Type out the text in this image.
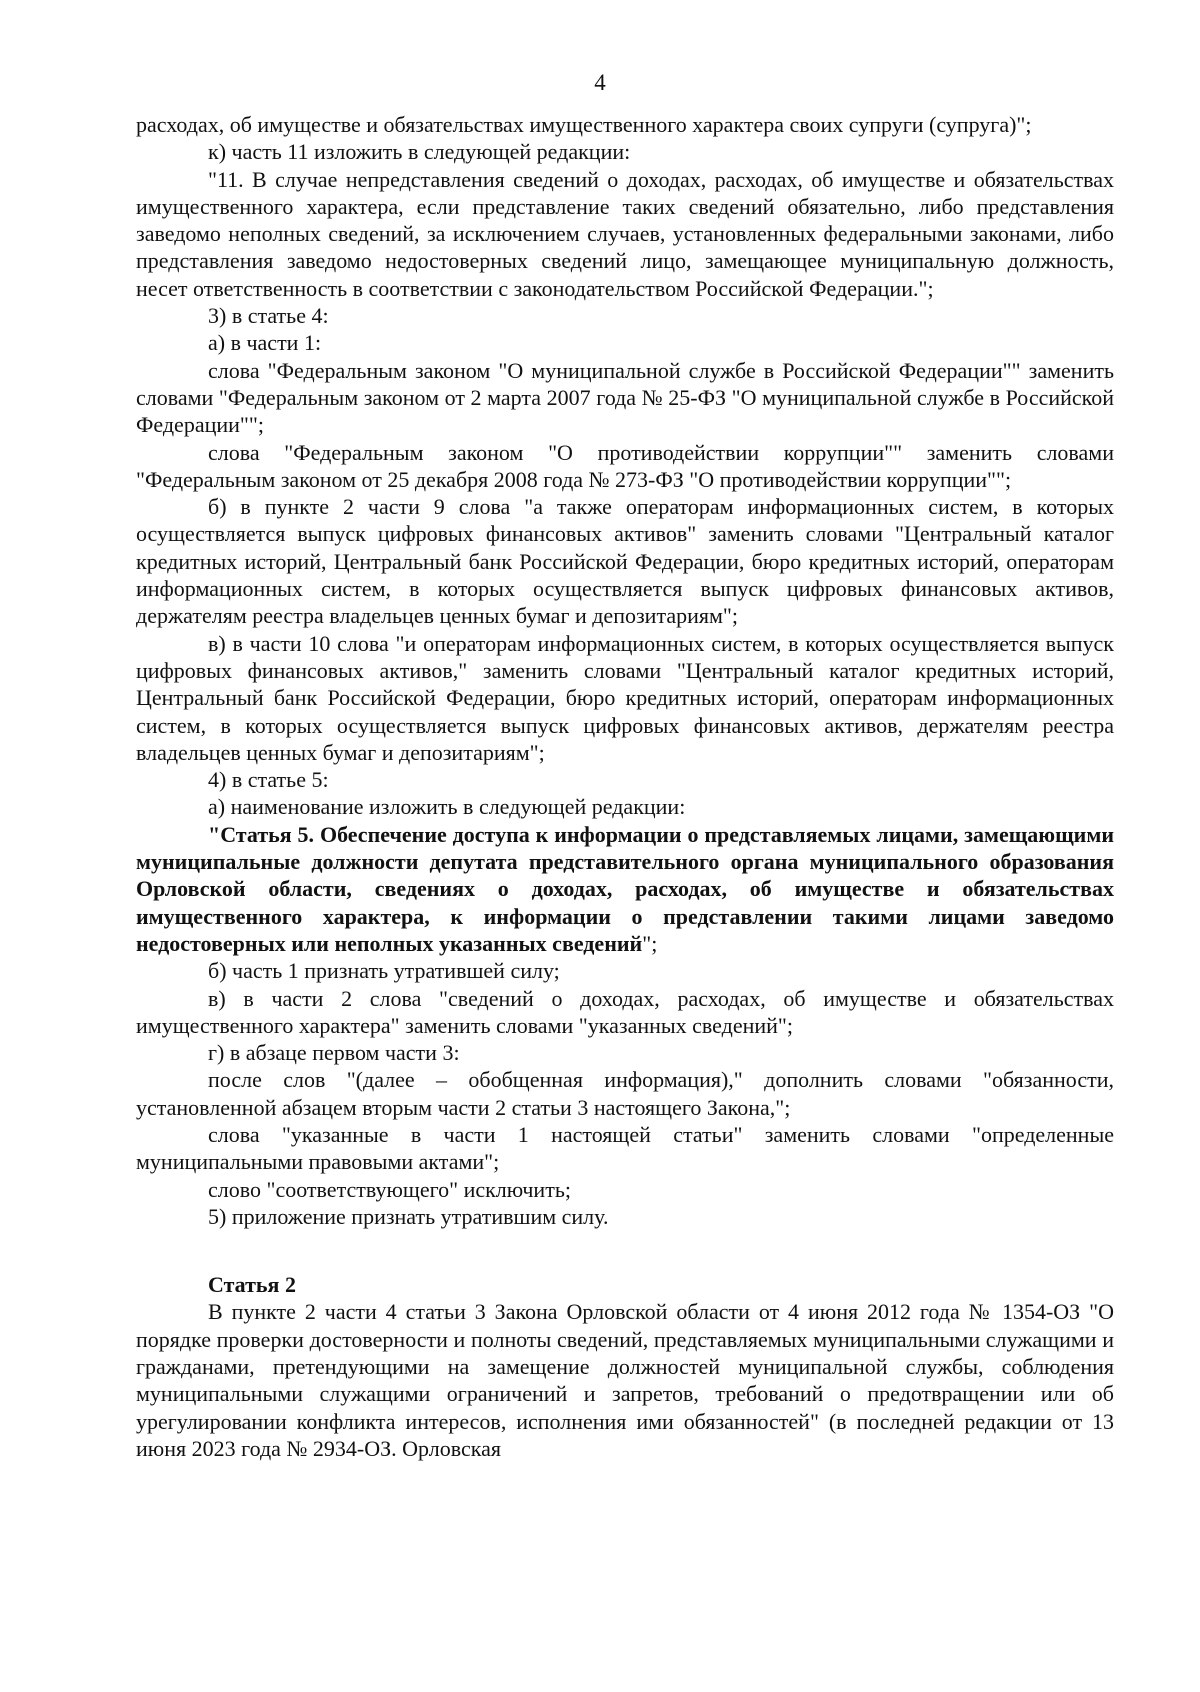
4

расходах, об имуществе и обязательствах имущественного характера своих супруги (супруга)";

к) часть 11 изложить в следующей редакции:

"11. В случае непредставления сведений о доходах, расходах, об имуществе и обязательствах имущественного характера, если представление таких сведений обязательно, либо представления заведомо неполных сведений, за исключением случаев, установленных федеральными законами, либо представления заведомо недостоверных сведений лицо, замещающее муниципальную должность, несет ответственность в соответствии с законодательством Российской Федерации.";

3) в статье 4:

а) в части 1:

слова "Федеральным законом "О муниципальной службе в Российской Федерации"" заменить словами "Федеральным законом от 2 марта 2007 года № 25-ФЗ "О муниципальной службе в Российской Федерации"";

слова "Федеральным законом "О противодействии коррупции"" заменить словами "Федеральным законом от 25 декабря 2008 года № 273-ФЗ "О противодействии коррупции"";

б) в пункте 2 части 9 слова "а также операторам информационных систем, в которых осуществляется выпуск цифровых финансовых активов" заменить словами "Центральный каталог кредитных историй, Центральный банк Российской Федерации, бюро кредитных историй, операторам информационных систем, в которых осуществляется выпуск цифровых финансовых активов, держателям реестра владельцев ценных бумаг и депозитариям";

в) в части 10 слова "и операторам информационных систем, в которых осуществляется выпуск цифровых финансовых активов," заменить словами "Центральный каталог кредитных историй, Центральный банк Российской Федерации, бюро кредитных историй, операторам информационных систем, в которых осуществляется выпуск цифровых финансовых активов, держателям реестра владельцев ценных бумаг и депозитариям";

4) в статье 5:

а) наименование изложить в следующей редакции:

"Статья 5. Обеспечение доступа к информации о представляемых лицами, замещающими муниципальные должности депутата представительного органа муниципального образования Орловской области, сведениях о доходах, расходах, об имуществе и обязательствах имущественного характера, к информации о представлении такими лицами заведомо недостоверных или неполных указанных сведений";

б) часть 1 признать утратившей силу;

в) в части 2 слова "сведений о доходах, расходах, об имуществе и обязательствах имущественного характера" заменить словами "указанных сведений";

г) в абзаце первом части 3:

после слов "(далее – обобщенная информация)," дополнить словами "обязанности, установленной абзацем вторым части 2 статьи 3 настоящего Закона,";

слова "указанные в части 1 настоящей статьи" заменить словами "определенные муниципальными правовыми актами";

слово "соответствующего" исключить;

5) приложение признать утратившим силу.

Статья 2

В пункте 2 части 4 статьи 3 Закона Орловской области от 4 июня 2012 года № 1354-ОЗ "О порядке проверки достоверности и полноты сведений, представляемых муниципальными служащими и гражданами, претендующими на замещение должностей муниципальной службы, соблюдения муниципальными служащими ограничений и запретов, требований о предотвращении или об урегулировании конфликта интересов, исполнения ими обязанностей" (в последней редакции от 13 июня 2023 года № 2934-ОЗ. Орловская
